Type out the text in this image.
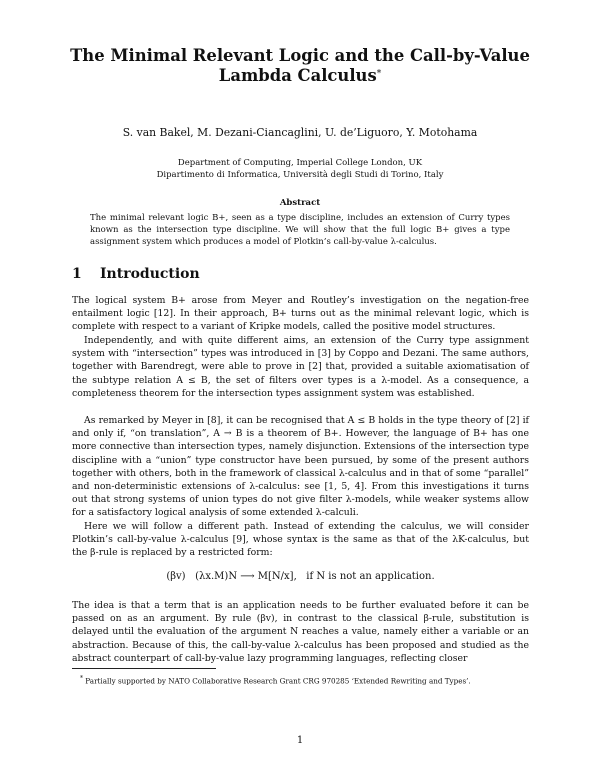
The Minimal Relevant Logic and the Call-by-Value
Lambda Calculus*
S. van Bakel, M. Dezani-Ciancaglini, U. de’Liguoro, Y. Motohama
Department of Computing, Imperial College London, UK
Dipartimento di Informatica, Università degli Studi di Torino, Italy
Abstract
The minimal relevant logic B+, seen as a type discipline, includes an extension of Curry types known as the intersection type discipline. We will show that the full logic B+ gives a type assignment system which produces a model of Plotkin’s call-by-value λ-calculus.
1 Introduction
The logical system B+ arose from Meyer and Routley’s investigation on the negation-free entailment logic [12]. In their approach, B+ turns out as the minimal relevant logic, which is complete with respect to a variant of Kripke models, called the positive model structures.
Independently, and with quite different aims, an extension of the Curry type assignment system with “intersection” types was introduced in [3] by Coppo and Dezani. The same authors, together with Barendregt, were able to prove in [2] that, provided a suitable axiomatisation of the subtype relation A ≤ B, the set of filters over types is a λ-model. As a consequence, a completeness theorem for the intersection types assignment system was established.
As remarked by Meyer in [8], it can be recognised that A ≤ B holds in the type theory of [2] if and only if, “on translation”, A → B is a theorem of B+. However, the language of B+ has one more connective than intersection types, namely disjunction. Extensions of the intersection type discipline with a “union” type constructor have been pursued, by some of the present authors together with others, both in the framework of classical λ-calculus and in that of some “parallel” and non-deterministic extensions of λ-calculus: see [1, 5, 4]. From this investigations it turns out that strong systems of union types do not give filter λ-models, while weaker systems allow for a satisfactory logical analysis of some extended λ-calculi.
Here we will follow a different path. Instead of extending the calculus, we will consider Plotkin’s call-by-value λ-calculus [9], whose syntax is the same as that of the λK-calculus, but the β-rule is replaced by a restricted form:
(βv) (λx.M)N ⟶ M[N/x], if N is not an application.
The idea is that a term that is an application needs to be further evaluated before it can be passed on as an argument. By rule (βv), in contrast to the classical β-rule, substitution is delayed until the evaluation of the argument N reaches a value, namely either a variable or an abstraction. Because of this, the call-by-value λ-calculus has been proposed and studied as the abstract counterpart of call-by-value lazy programming languages, reflecting closer
* Partially supported by NATO Collaborative Research Grant CRG 970285 ‘Extended Rewriting and Types’.
1
